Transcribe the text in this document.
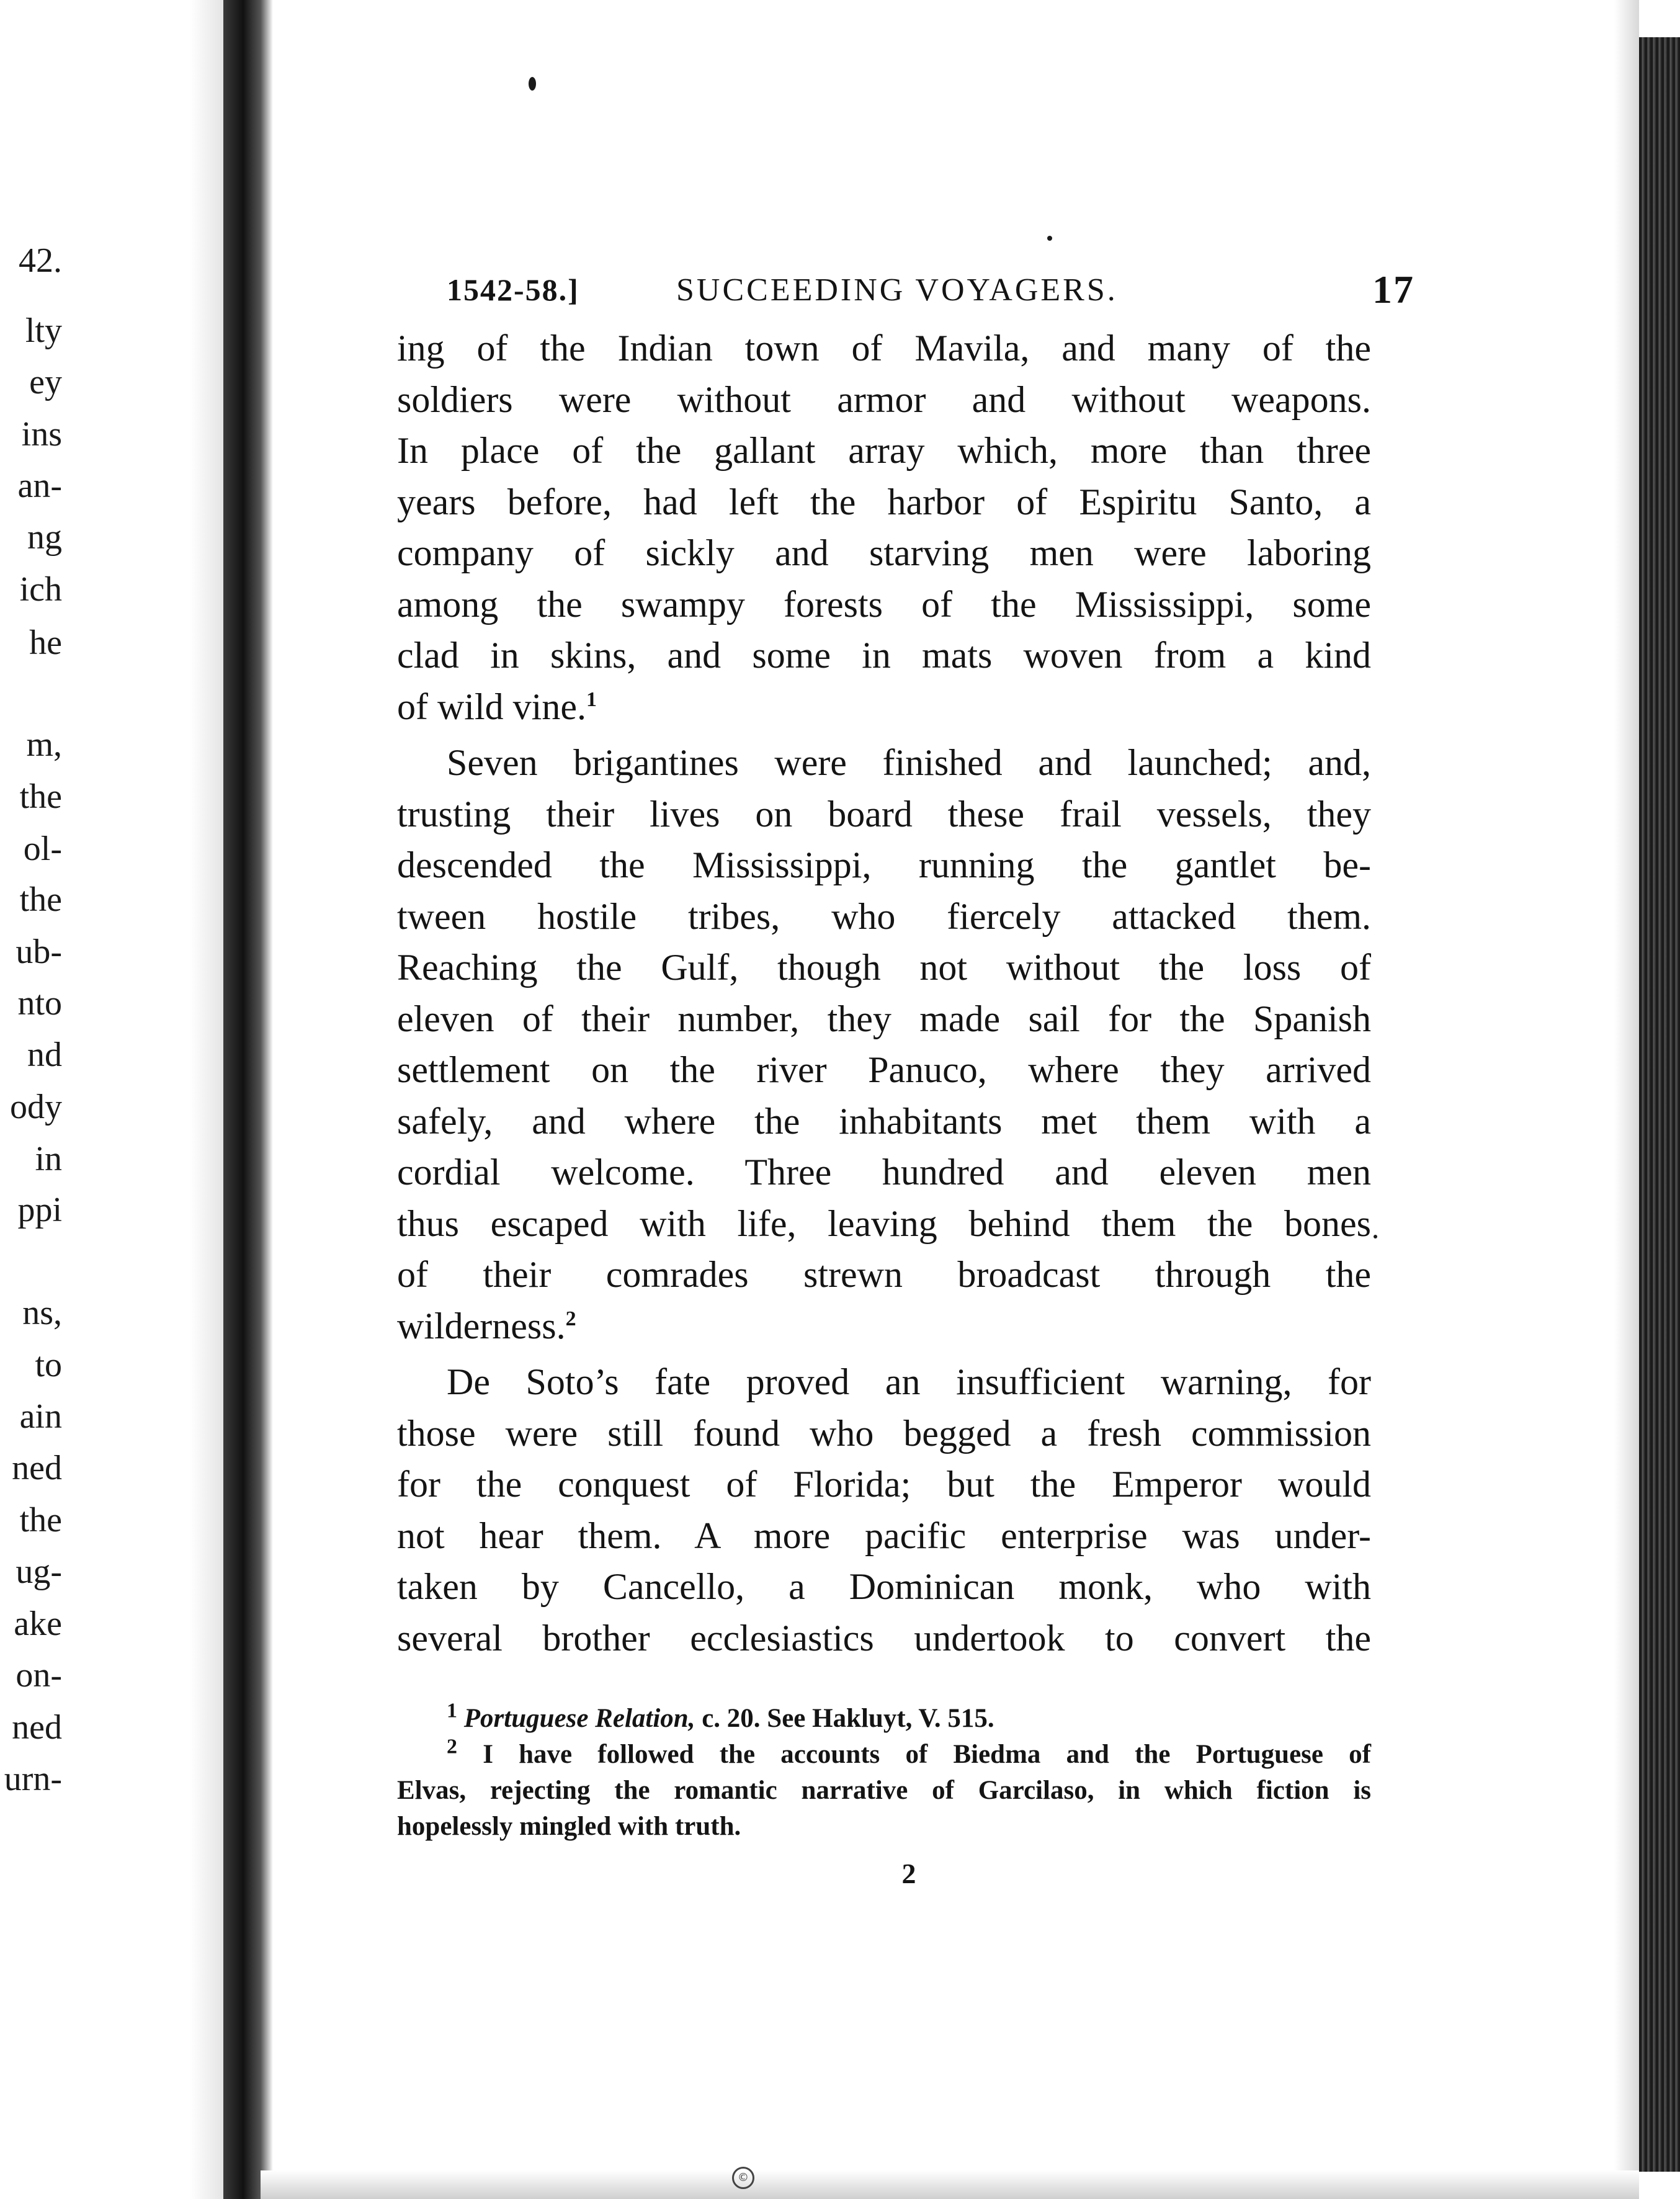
42.
lty
ey
ins
an-
ng
ich
he
m,
the
ol-
the
ub-
nto
nd
ody
in
ppi
ns,
to
ain
ned
the
ug-
ake
on-
ned
urn-
1542-58.]	SUCCEEDING VOYAGERS.	17

ing of the Indian town of Mavila, and many of the
soldiers were without armor and without weapons.
In place of the gallant array which, more than three
years before, had left the harbor of Espiritu Santo, a
company of sickly and starving men were laboring
among the swampy forests of the Mississippi, some
clad in skins, and some in mats woven from a kind
of wild vine.$^1$

Seven brigantines were finished and launched; and,
trusting their lives on board these frail vessels, they
descended the Mississippi, running the gantlet be-
tween hostile tribes, who fiercely attacked them.
Reaching the Gulf, though not without the loss of
eleven of their number, they made sail for the Spanish
settlement on the river Panuco, where they arrived
safely, and where the inhabitants met them with a
cordial welcome. Three hundred and eleven men
thus escaped with life, leaving behind them the bones
of their comrades strewn broadcast through the
wilderness.$^2$

De Soto’s fate proved an insufficient warning, for
those were still found who begged a fresh commission
for the conquest of Florida; but the Emperor would
not hear them. A more pacific enterprise was under-
taken by Cancello, a Dominican monk, who with
several brother ecclesiastics undertook to convert the

$^1$ Portuguese Relation, c. 20. See Hakluyt, V. 515.
$^2$ I have followed the accounts of Biedma and the Portuguese of
Elvas, rejecting the romantic narrative of Garcilaso, in which fiction is
hopelessly mingled with truth.
2
©
